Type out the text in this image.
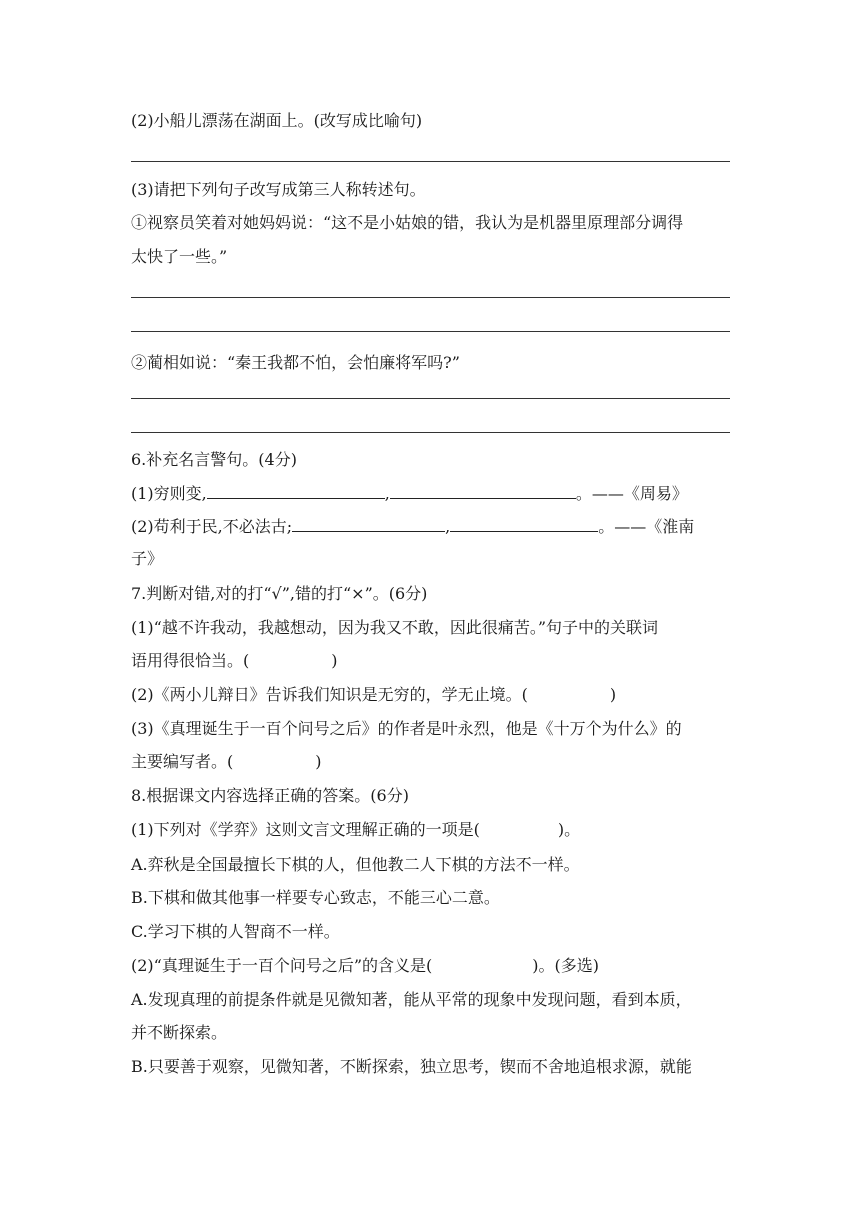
(2)小船儿漂荡在湖面上。(改写成比喻句)
(3)请把下列句子改写成第三人称转述句。
①视察员笑着对她妈妈说：“这不是小姑娘的错，我认为是机器里原理部分调得
太快了一些。”
②蔺相如说：“秦王我都不怕，会怕廉将军吗?”
6.补充名言警句。(4分)
(1)穷则变,	,	。——《周易》
(2)苟利于民,不必法古;	,	。——《淮南
子》
7.判断对错,对的打“√”,错的打“×”。(6分)
(1)“越不许我动，我越想动，因为我又不敢，因此很痛苦。”句子中的关联词
语用得很恰当。(	)
(2)《两小儿辩日》告诉我们知识是无穷的，学无止境。(	)
(3)《真理诞生于一百个问号之后》的作者是叶永烈，他是《十万个为什么》的
主要编写者。(	)
8.根据课文内容选择正确的答案。(6分)
(1)下列对《学弈》这则文言文理解正确的一项是(	)。
A.弈秋是全国最擅长下棋的人，但他教二人下棋的方法不一样。
B.下棋和做其他事一样要专心致志，不能三心二意。
C.学习下棋的人智商不一样。
(2)“真理诞生于一百个问号之后”的含义是(	)。(多选)
A.发现真理的前提条件就是见微知著，能从平常的现象中发现问题，看到本质，
并不断探索。
B.只要善于观察，见微知著，不断探索，独立思考，锲而不舍地追根求源，就能
